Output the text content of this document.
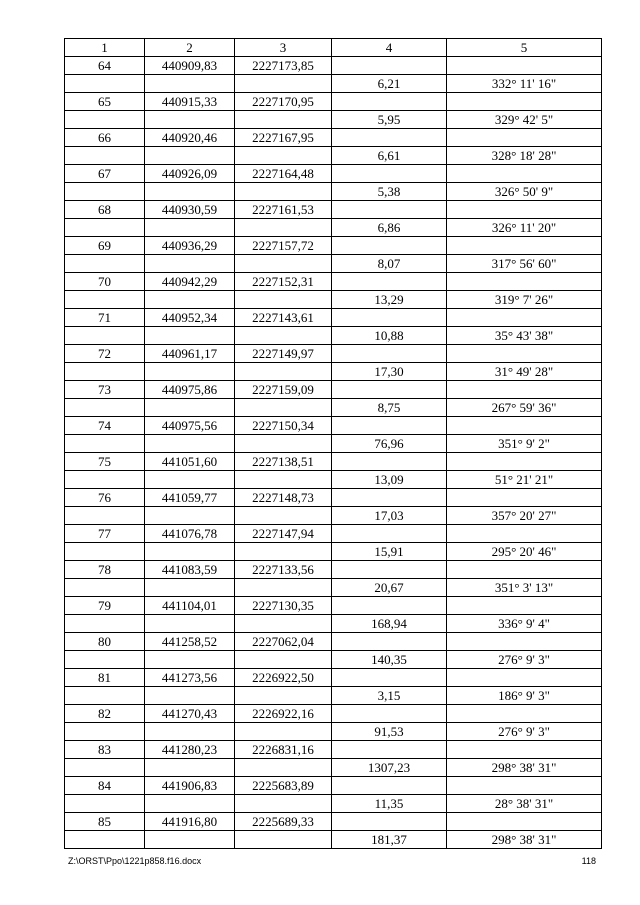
1	2	3	4	5
64	440909,83	2227173,85		
			6,21	332° 11' 16"
65	440915,33	2227170,95		
			5,95	329° 42' 5"
66	440920,46	2227167,95		
			6,61	328° 18' 28"
67	440926,09	2227164,48		
			5,38	326° 50' 9"
68	440930,59	2227161,53		
			6,86	326° 11' 20"
69	440936,29	2227157,72		
			8,07	317° 56' 60"
70	440942,29	2227152,31		
			13,29	319° 7' 26"
71	440952,34	2227143,61		
			10,88	35° 43' 38"
72	440961,17	2227149,97		
			17,30	31° 49' 28"
73	440975,86	2227159,09		
			8,75	267° 59' 36"
74	440975,56	2227150,34		
			76,96	351° 9' 2"
75	441051,60	2227138,51		
			13,09	51° 21' 21"
76	441059,77	2227148,73		
			17,03	357° 20' 27"
77	441076,78	2227147,94		
			15,91	295° 20' 46"
78	441083,59	2227133,56		
			20,67	351° 3' 13"
79	441104,01	2227130,35		
			168,94	336° 9' 4"
80	441258,52	2227062,04		
			140,35	276° 9' 3"
81	441273,56	2226922,50		
			3,15	186° 9' 3"
82	441270,43	2226922,16		
			91,53	276° 9' 3"
83	441280,23	2226831,16		
			1307,23	298° 38' 31"
84	441906,83	2225683,89		
			11,35	28° 38' 31"
85	441916,80	2225689,33		
			181,37	298° 38' 31"
Z:\ORST\Ppo\1221p858.f16.docx	118
